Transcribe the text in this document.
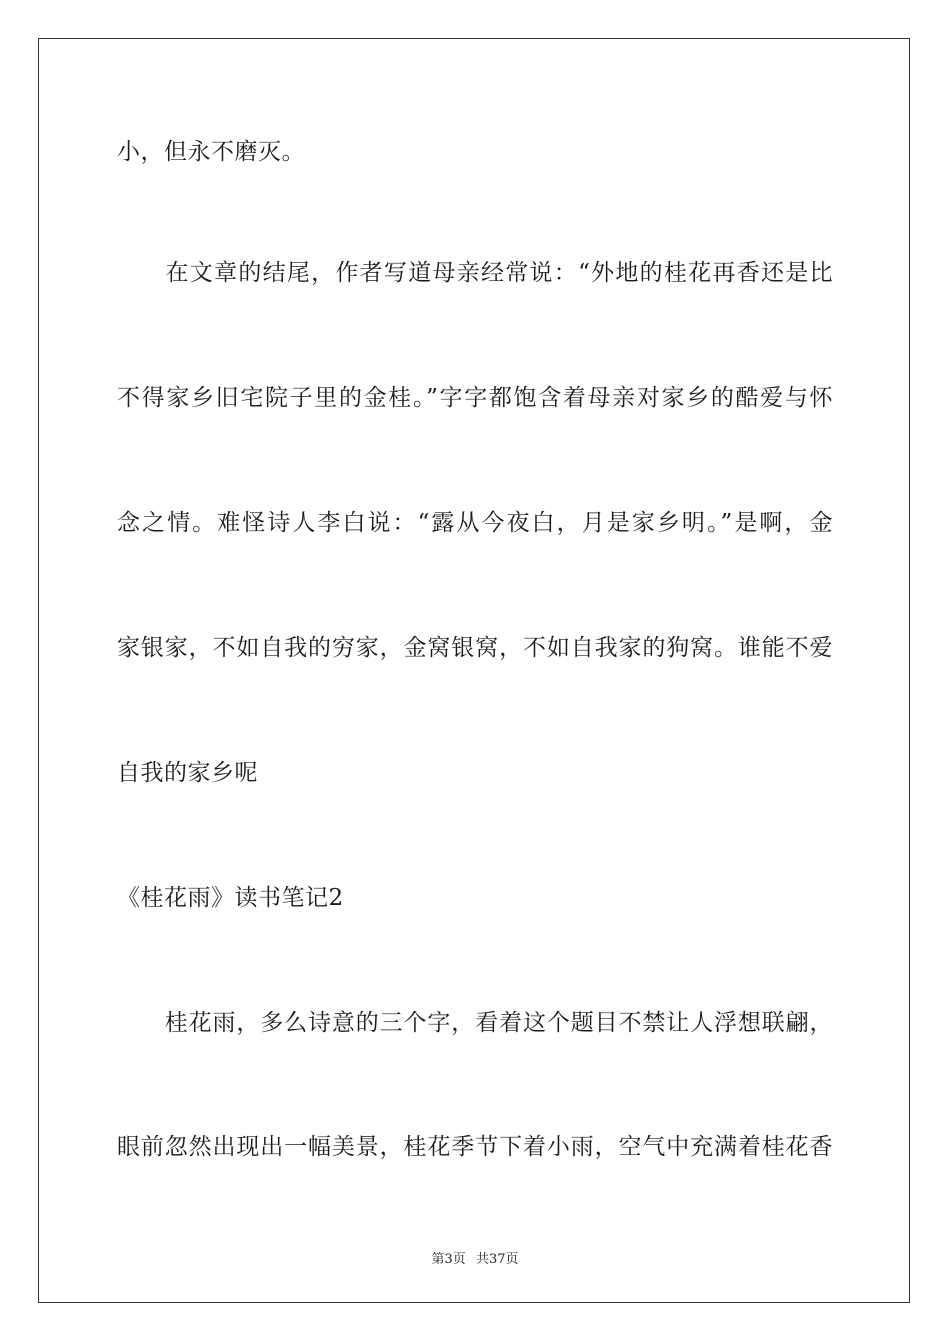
小，但永不磨灭。
　　在文章的结尾，作者写道母亲经常说：“外地的桂花再香还是比
不得家乡旧宅院子里的金桂。”字字都饱含着母亲对家乡的酷爱与怀
念之情。难怪诗人李白说：“露从今夜白，月是家乡明。”是啊，金
家银家，不如自我的穷家，金窝银窝，不如自我家的狗窝。谁能不爱
自我的家乡呢
《桂花雨》读书笔记2
　　桂花雨，多么诗意的三个字，看着这个题目不禁让人浮想联翩，
眼前忽然出现出一幅美景，桂花季节下着小雨，空气中充满着桂花香
第3页 共37页
